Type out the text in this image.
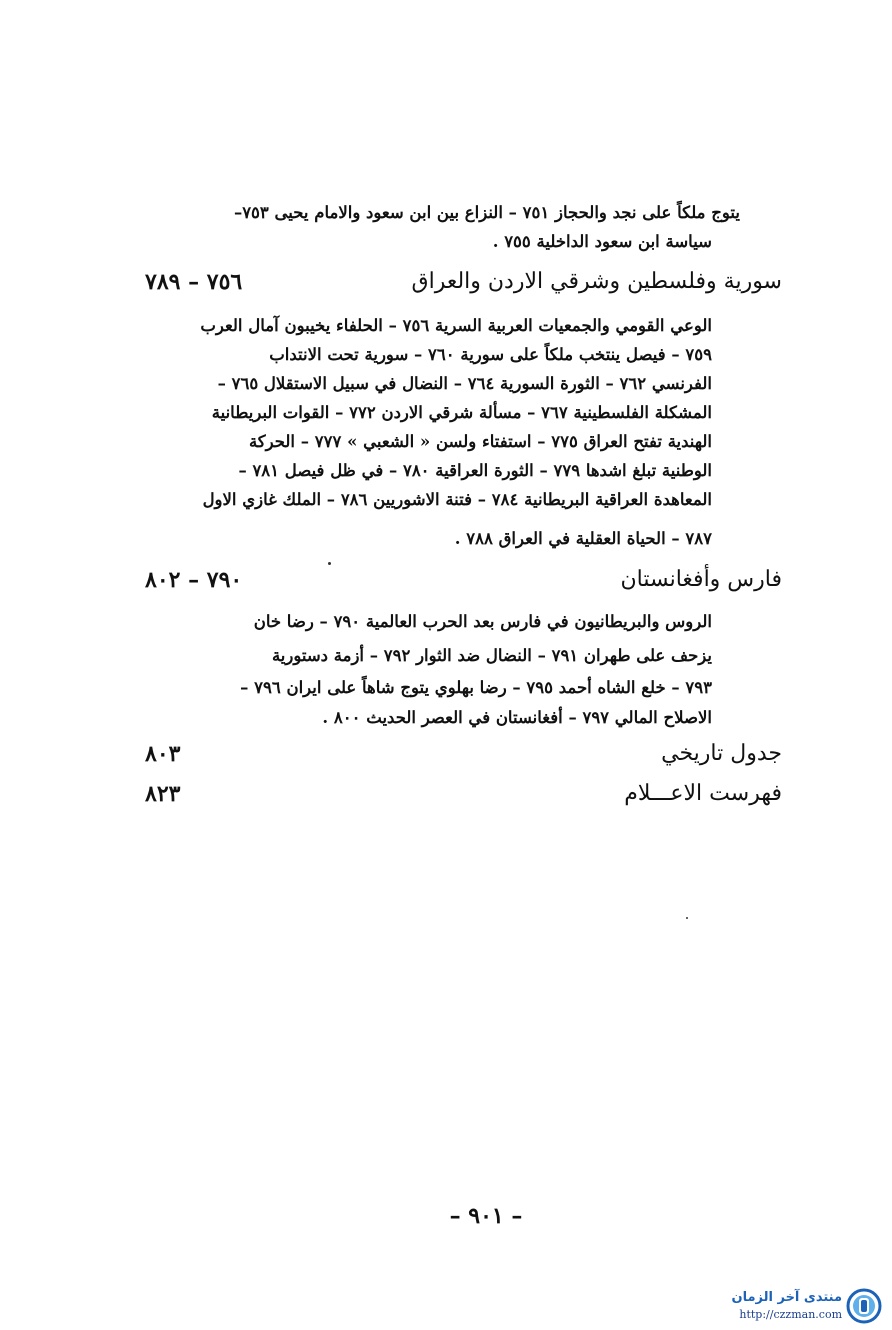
يتوج ملكاً على نجد والحجاز ٧٥١ – النزاع بين ابن سعود والامام يحيى ٧٥٣–
سياسة ابن سعود الداخلية ٧٥٥ .
سورية وفلسطين وشرقي الاردن والعراق
٧٥٦ – ٧٨٩
الوعي القومي والجمعيات العربية السرية ٧٥٦ – الحلفاء يخيبون آمال العرب
٧٥٩ – فيصل ينتخب ملكاً على سورية ٧٦٠ – سورية تحت الانتداب
الفرنسي ٧٦٢ – الثورة السورية ٧٦٤ – النضال في سبيل الاستقلال ٧٦٥ –
المشكلة الفلسطينية ٧٦٧ – مسألة شرقي الاردن ٧٧٢ – القوات البريطانية
الهندية تفتح العراق ٧٧٥ – استفتاء ولسن « الشعبي » ٧٧٧ – الحركة
الوطنية تبلغ اشدها ٧٧٩ – الثورة العراقية ٧٨٠ – في ظل فيصل ٧٨١ –
المعاهدة العراقية البريطانية ٧٨٤ – فتنة الاشوريين ٧٨٦ – الملك غازي الاول
٧٨٧ – الحياة العقلية في العراق ٧٨٨ .
فارس وأفغانستان
٧٩٠ – ٨٠٢
الروس والبريطانيون في فارس بعد الحرب العالمية ٧٩٠ – رضا خان
يزحف على طهران ٧٩١ – النضال ضد الثوار ٧٩٢ – أزمة دستورية
٧٩٣ – خلع الشاه أحمد ٧٩٥ – رضا بهلوي يتوج شاهاً على ايران ٧٩٦ –
الاصلاح المالي ٧٩٧ – أفغانستان في العصر الحديث ٨٠٠ .
جدول تاريخي
٨٠٣
فهرست الاعـــلام
٨٢٣
– ٩٠١ –
منتدى آخر الزمان
http://czzman.com
